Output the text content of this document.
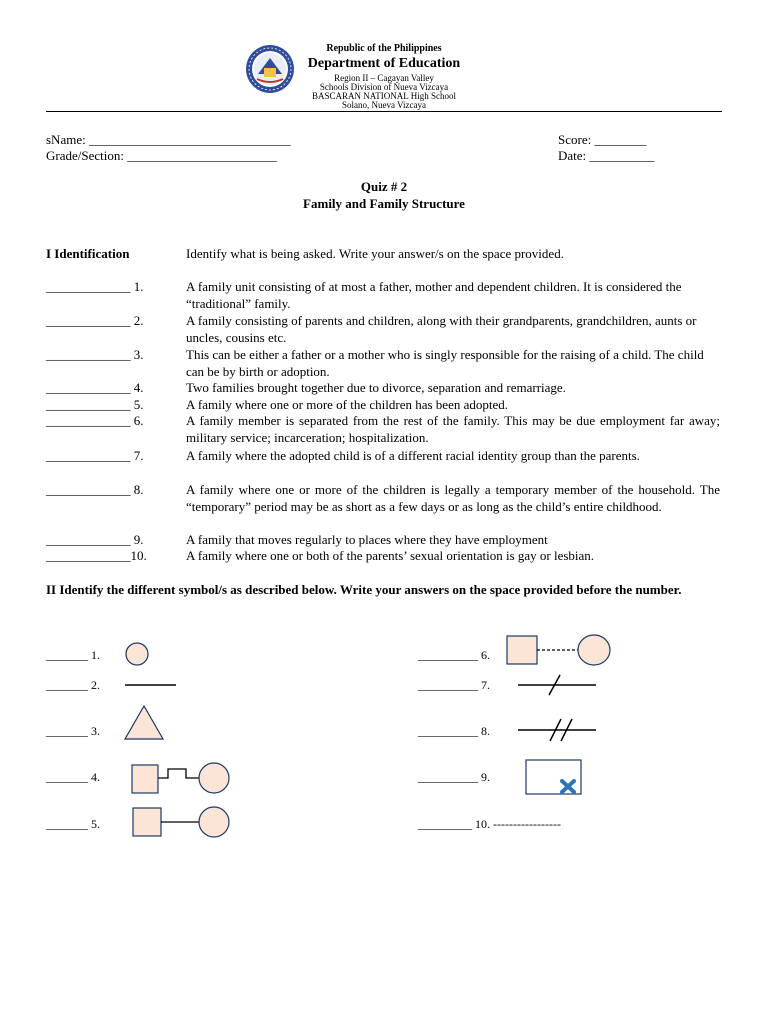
Republic of the Philippines
Department of Education
Region II – Cagayan Valley
Schools Division of Nueva Vizcaya
BASCARAN NATIONAL High School
Solano, Nueva Vizcaya
sName: _______________________________
Grade/Section: _______________________
Score: ________
Date: __________
Quiz # 2
Family and Family Structure
I Identification	Identify what is being asked. Write your answer/s on the space provided.
_____________ 1.	A family unit consisting of at most a father, mother and dependent children. It is considered the “traditional” family.
_____________ 2.	A family consisting of parents and children, along with their grandparents, grandchildren, aunts or uncles, cousins etc.
_____________ 3.	This can be either a father or a mother who is singly responsible for the raising of a child. The child can be by birth or adoption.
_____________ 4.	Two families brought together due to divorce, separation and remarriage.
_____________ 5.	A family where one or more of the children has been adopted.
_____________ 6.	A family member is separated from the rest of the family. This may be due employment far away; military service; incarceration; hospitalization.
_____________ 7.	A family where the adopted child is of a different racial identity group than the parents.
_____________ 8.	A family where one or more of the children is legally a temporary member of the household. The “temporary” period may be as short as a few days or as long as the child’s entire childhood.
_____________ 9.	A family that moves regularly to places where they have employment
_____________10.	A family where one or both of the parents’ sexual orientation is gay or lesbian.
II Identify the different symbol/s as described below. Write your answers on the space provided before the number.
_______ 1.
_______ 2.
_______ 3.
_______ 4.
_______ 5.
__________ 6.
__________ 7.
__________ 8.
__________ 9.
_________ 10. -----------------
